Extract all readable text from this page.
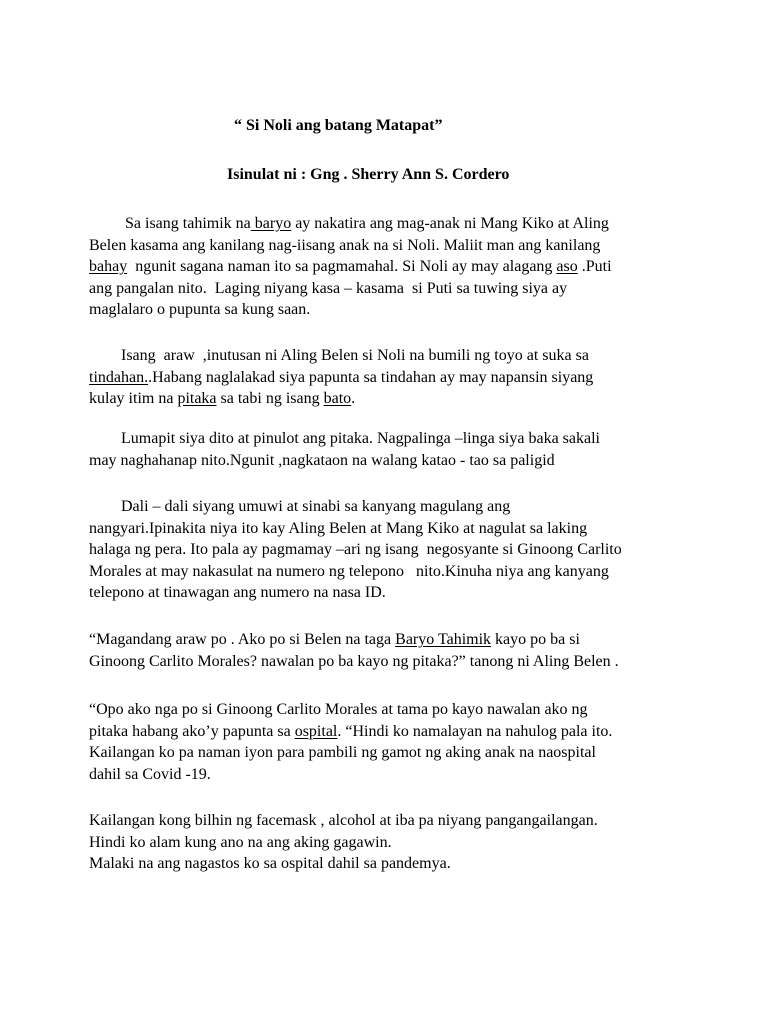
“ Si Noli ang batang Matapat”
Isinulat ni : Gng . Sherry Ann S. Cordero

Sa isang tahimik na baryo ay nakatira ang mag-anak ni Mang Kiko at Aling
Belen kasama ang kanilang nag-iisang anak na si Noli. Maliit man ang kanilang
bahay  ngunit sagana naman ito sa pagmamahal. Si Noli ay may alagang aso .Puti
ang pangalan nito.  Laging niyang kasa – kasama  si Puti sa tuwing siya ay
maglalaro o pupunta sa kung saan.

Isang  araw  ,inutusan ni Aling Belen si Noli na bumili ng toyo at suka sa
tindahan..Habang naglalakad siya papunta sa tindahan ay may napansin siyang
kulay itim na pitaka sa tabi ng isang bato.

Lumapit siya dito at pinulot ang pitaka. Nagpalinga –linga siya baka sakali
may naghahanap nito.Ngunit ,nagkataon na walang katao - tao sa paligid

Dali – dali siyang umuwi at sinabi sa kanyang magulang ang
nangyari.Ipinakita niya ito kay Aling Belen at Mang Kiko at nagulat sa laking
halaga ng pera. Ito pala ay pagmamay –ari ng isang  negosyante si Ginoong Carlito
Morales at may nakasulat na numero ng telepono   nito.Kinuha niya ang kanyang
telepono at tinawagan ang numero na nasa ID.

“Magandang araw po . Ako po si Belen na taga Baryo Tahimik kayo po ba si
Ginoong Carlito Morales? nawalan po ba kayo ng pitaka?” tanong ni Aling Belen .

“Opo ako nga po si Ginoong Carlito Morales at tama po kayo nawalan ako ng
pitaka habang ako’y papunta sa ospital. “Hindi ko namalayan na nahulog pala ito.
Kailangan ko pa naman iyon para pambili ng gamot ng aking anak na naospital
dahil sa Covid -19.

Kailangan kong bilhin ng facemask , alcohol at iba pa niyang pangangailangan.
Hindi ko alam kung ano na ang aking gagawin.
Malaki na ang nagastos ko sa ospital dahil sa pandemya.
